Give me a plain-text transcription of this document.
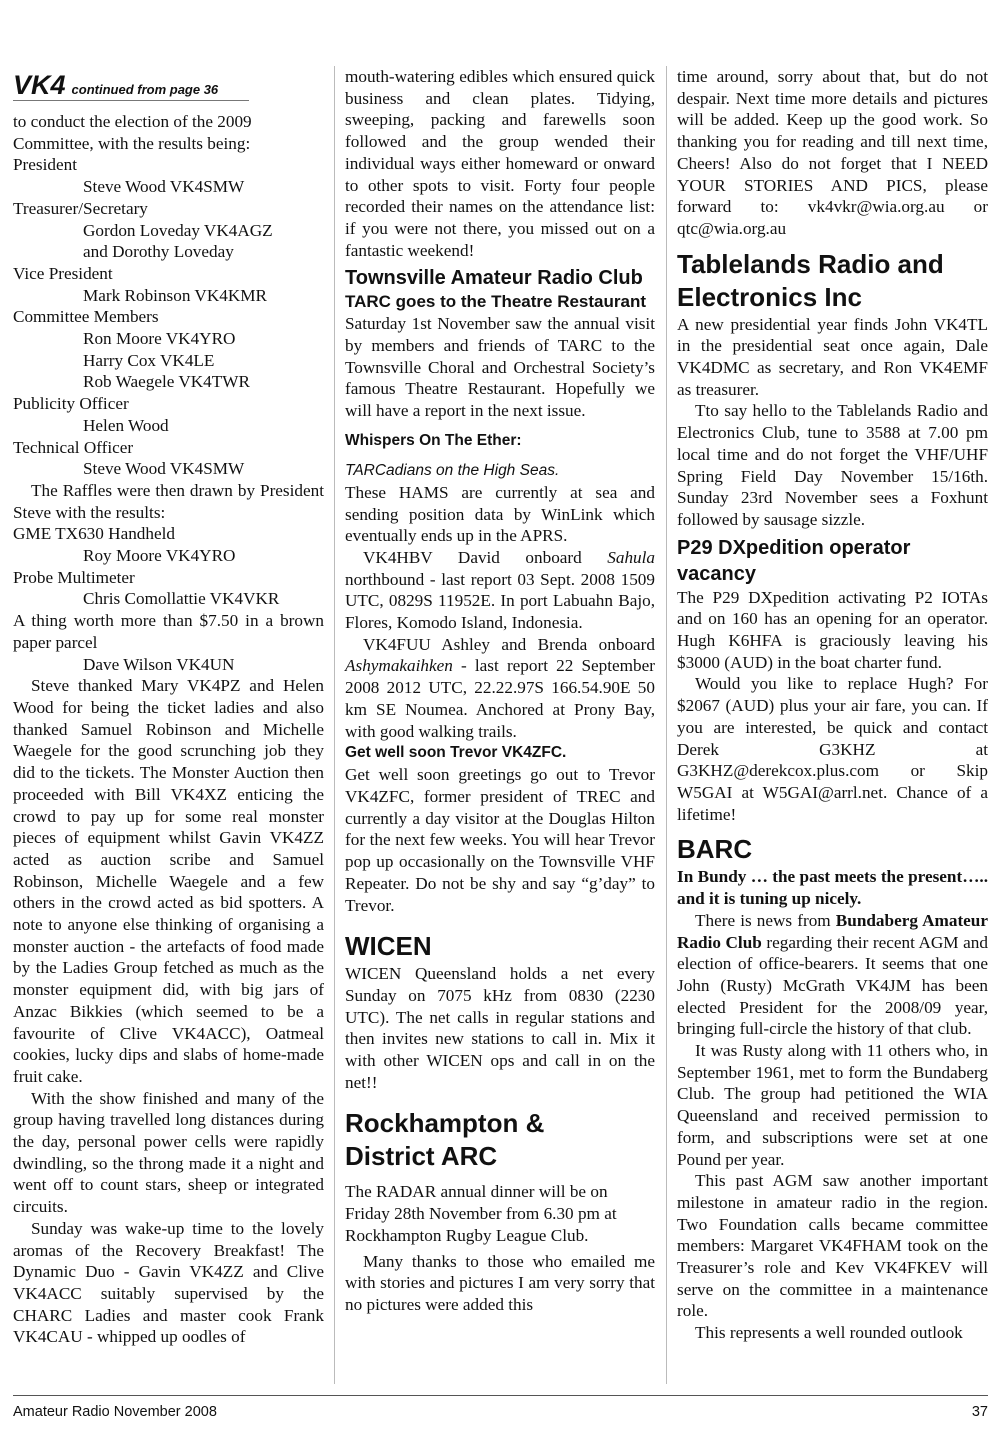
VK4 continued from page 36

to conduct the election of the 2009 Committee, with the results being:

President
Steve Wood VK4SMW
Treasurer/Secretary
Gordon Loveday VK4AGZ
and Dorothy Loveday
Vice President
Mark Robinson VK4KMR
Committee Members
Ron Moore VK4YRO
Harry Cox VK4LE
Rob Waegele VK4TWR
Publicity Officer
Helen Wood
Technical Officer
Steve Wood VK4SMW

The Raffles were then drawn by President Steve with the results:

GME TX630 Handheld
Roy Moore VK4YRO
Probe Multimeter
Chris Comollattie VK4VKR

A thing worth more than $7.50 in a brown paper parcel

Dave Wilson VK4UN

Steve thanked Mary VK4PZ and Helen Wood for being the ticket ladies and also thanked Samuel Robinson and Michelle Waegele for the good scrunching job they did to the tickets. The Monster Auction then proceeded with Bill VK4XZ enticing the crowd to pay up for some real monster pieces of equipment whilst Gavin VK4ZZ acted as auction scribe and Samuel Robinson, Michelle Waegele and a few others in the crowd acted as bid spotters. A note to anyone else thinking of organising a monster auction - the artefacts of food made by the Ladies Group fetched as much as the monster equipment did, with big jars of Anzac Bikkies (which seemed to be a favourite of Clive VK4ACC), Oatmeal cookies, lucky dips and slabs of home-made fruit cake.

With the show finished and many of the group having travelled long distances during the day, personal power cells were rapidly dwindling, so the throng made it a night and went off to count stars, sheep or integrated circuits.

Sunday was wake-up time to the lovely aromas of the Recovery Breakfast! The Dynamic Duo - Gavin VK4ZZ and Clive VK4ACC suitably supervised by the CHARC Ladies and master cook Frank VK4CAU - whipped up oodles of

mouth-watering edibles which ensured quick business and clean plates. Tidying, sweeping, packing and farewells soon followed and the group wended their individual ways either homeward or onward to other spots to visit. Forty four people recorded their names on the attendance list: if you were not there, you missed out on a fantastic weekend!

Townsville Amateur Radio Club
TARC goes to the Theatre Restaurant

Saturday 1st November saw the annual visit by members and friends of TARC to the Townsville Choral and Orchestral Society’s famous Theatre Restaurant. Hopefully we will have a report in the next issue.

Whispers On The Ether:
TARCadians on the High Seas.

These HAMS are currently at sea and sending position data by WinLink which eventually ends up in the APRS.

VK4HBV David onboard Sahula northbound - last report 03 Sept. 2008 1509 UTC, 0829S 11952E. In port Labuahn Bajo, Flores, Komodo Island, Indonesia.

VK4FUU Ashley and Brenda onboard Ashymakaihken - last report 22 September 2008 2012 UTC, 22.22.97S 166.54.90E 50 km SE Noumea. Anchored at Prony Bay, with good walking trails.

Get well soon Trevor VK4ZFC.

Get well soon greetings go out to Trevor VK4ZFC, former president of TREC and currently a day visitor at the Douglas Hilton for the next few weeks. You will hear Trevor pop up occasionally on the Townsville VHF Repeater. Do not be shy and say “g’day” to Trevor.

WICEN

WICEN Queensland holds a net every Sunday on 7075 kHz from 0830 (2230 UTC). The net calls in regular stations and then invites new stations to call in. Mix it with other WICEN ops and call in on the net!!

Rockhampton &
District ARC

The RADAR annual dinner will be on Friday 28th November from 6.30 pm at Rockhampton Rugby League Club.

Many thanks to those who emailed me with stories and pictures I am very sorry that no pictures were added this

time around, sorry about that, but do not despair. Next time more details and pictures will be added. Keep up the good work. So thanking you for reading and till next time, Cheers! Also do not forget that I NEED YOUR STORIES AND PICS, please forward to: vk4vkr@wia.org.au or qtc@wia.org.au

Tablelands Radio and
Electronics Inc

A new presidential year finds John VK4TL in the presidential seat once again, Dale VK4DMC as secretary, and Ron VK4EMF as treasurer.

Tto say hello to the Tablelands Radio and Electronics Club, tune to 3588 at 7.00 pm local time and do not forget the VHF/UHF Spring Field Day November 15/16th. Sunday 23rd November sees a Foxhunt followed by sausage sizzle.

P29 DXpedition operator vacancy

The P29 DXpedition activating P2 IOTAs and on 160 has an opening for an operator. Hugh K6HFA is graciously leaving his $3000 (AUD) in the boat charter fund.

Would you like to replace Hugh? For $2067 (AUD) plus your air fare, you can. If you are interested, be quick and contact Derek G3KHZ at G3KHZ@derekcox.plus.com or Skip W5GAI at W5GAI@arrl.net. Chance of a lifetime!

BARC

In Bundy … the past meets the present….. and it is tuning up nicely.

There is news from Bundaberg Amateur Radio Club regarding their recent AGM and election of office-bearers. It seems that one John (Rusty) McGrath VK4JM has been elected President for the 2008/09 year, bringing full-circle the history of that club.

It was Rusty along with 11 others who, in September 1961, met to form the Bundaberg Club. The group had petitioned the WIA Queensland and received permission to form, and subscriptions were set at one Pound per year.

This past AGM saw another important milestone in amateur radio in the region. Two Foundation calls became committee members: Margaret VK4FHAM took on the Treasurer’s role and Kev VK4FKEV will serve on the committee in a maintenance role.

This represents a well rounded outlook

Amateur Radio November 2008	37
